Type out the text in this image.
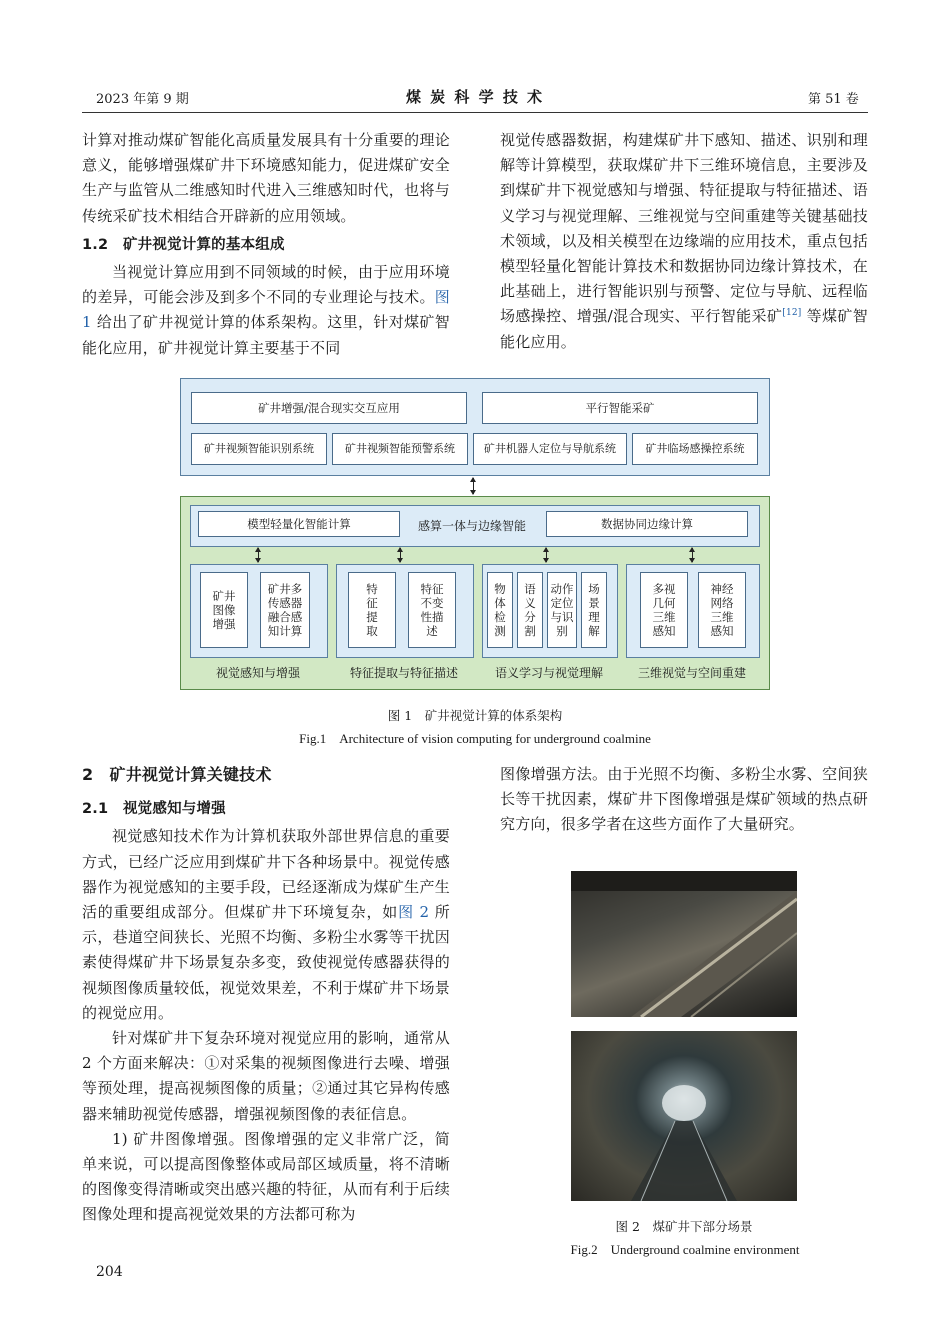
2023 年第 9 期	煤 炭 科 学 技 术	第 51 卷

计算对推动煤矿智能化高质量发展具有十分重要的理论意义，能够增强煤矿井下环境感知能力，促进煤矿安全生产与监管从二维感知时代进入三维感知时代，也将与传统采矿技术相结合开辟新的应用领域。

1.2　矿井视觉计算的基本组成

当视觉计算应用到不同领域的时候，由于应用环境的差异，可能会涉及到多个不同的专业理论与技术。图 1 给出了矿井视觉计算的体系架构。这里，针对煤矿智能化应用，矿井视觉计算主要基于不同

视觉传感器数据，构建煤矿井下感知、描述、识别和理解等计算模型，获取煤矿井下三维环境信息，主要涉及到煤矿井下视觉感知与增强、特征提取与特征描述、语义学习与视觉理解、三维视觉与空间重建等关键基础技术领域，以及相关模型在边缘端的应用技术，重点包括模型轻量化智能计算技术和数据协同边缘计算技术，在此基础上，进行智能识别与预警、定位与导航、远程临场感操控、增强/混合现实、平行智能采矿[12] 等煤矿智能化应用。

矿井增强/混合现实交互应用	平行智能采矿
矿井视频智能识别系统	矿井视频智能预警系统	矿井机器人定位与导航系统	矿井临场感操控系统
模型轻量化智能计算	感算一体与边缘智能	数据协同边缘计算
矿井
图像
增强
矿井多
传感器
融合感
知计算
视觉感知与增强
特
征
提
取
特征
不变
性描
述
特征提取与特征描述
物
体
检
测
语
义
分
割
动作
定位
与识
别
场
景
理
解
语义学习与视觉理解
多视
几何
三维
感知
神经
网络
三维
感知
三维视觉与空间重建
图 1　矿井视觉计算的体系架构
Fig.1　Architecture of vision computing for underground coalmine

2　矿井视觉计算关键技术

2.1　视觉感知与增强

视觉感知技术作为计算机获取外部世界信息的重要方式，已经广泛应用到煤矿井下各种场景中。视觉传感器作为视觉感知的主要手段，已经逐渐成为煤矿生产生活的重要组成部分。但煤矿井下环境复杂，如图 2 所示，巷道空间狭长、光照不均衡、多粉尘水雾等干扰因素使得煤矿井下场景复杂多变，致使视觉传感器获得的视频图像质量较低，视觉效果差，不利于煤矿井下场景的视觉应用。

针对煤矿井下复杂环境对视觉应用的影响，通常从 2 个方面来解决：①对采集的视频图像进行去噪、增强等预处理，提高视频图像的质量；②通过其它异构传感器来辅助视觉传感器，增强视频图像的表征信息。

1) 矿井图像增强。图像增强的定义非常广泛，简单来说，可以提高图像整体或局部区域质量，将不清晰的图像变得清晰或突出感兴趣的特征，从而有利于后续图像处理和提高视觉效果的方法都可称为

图像增强方法。由于光照不均衡、多粉尘水雾、空间狭长等干扰因素，煤矿井下图像增强是煤矿领域的热点研究方向，很多学者在这些方面作了大量研究。

图 2　煤矿井下部分场景
Fig.2　Underground coalmine environment
204
